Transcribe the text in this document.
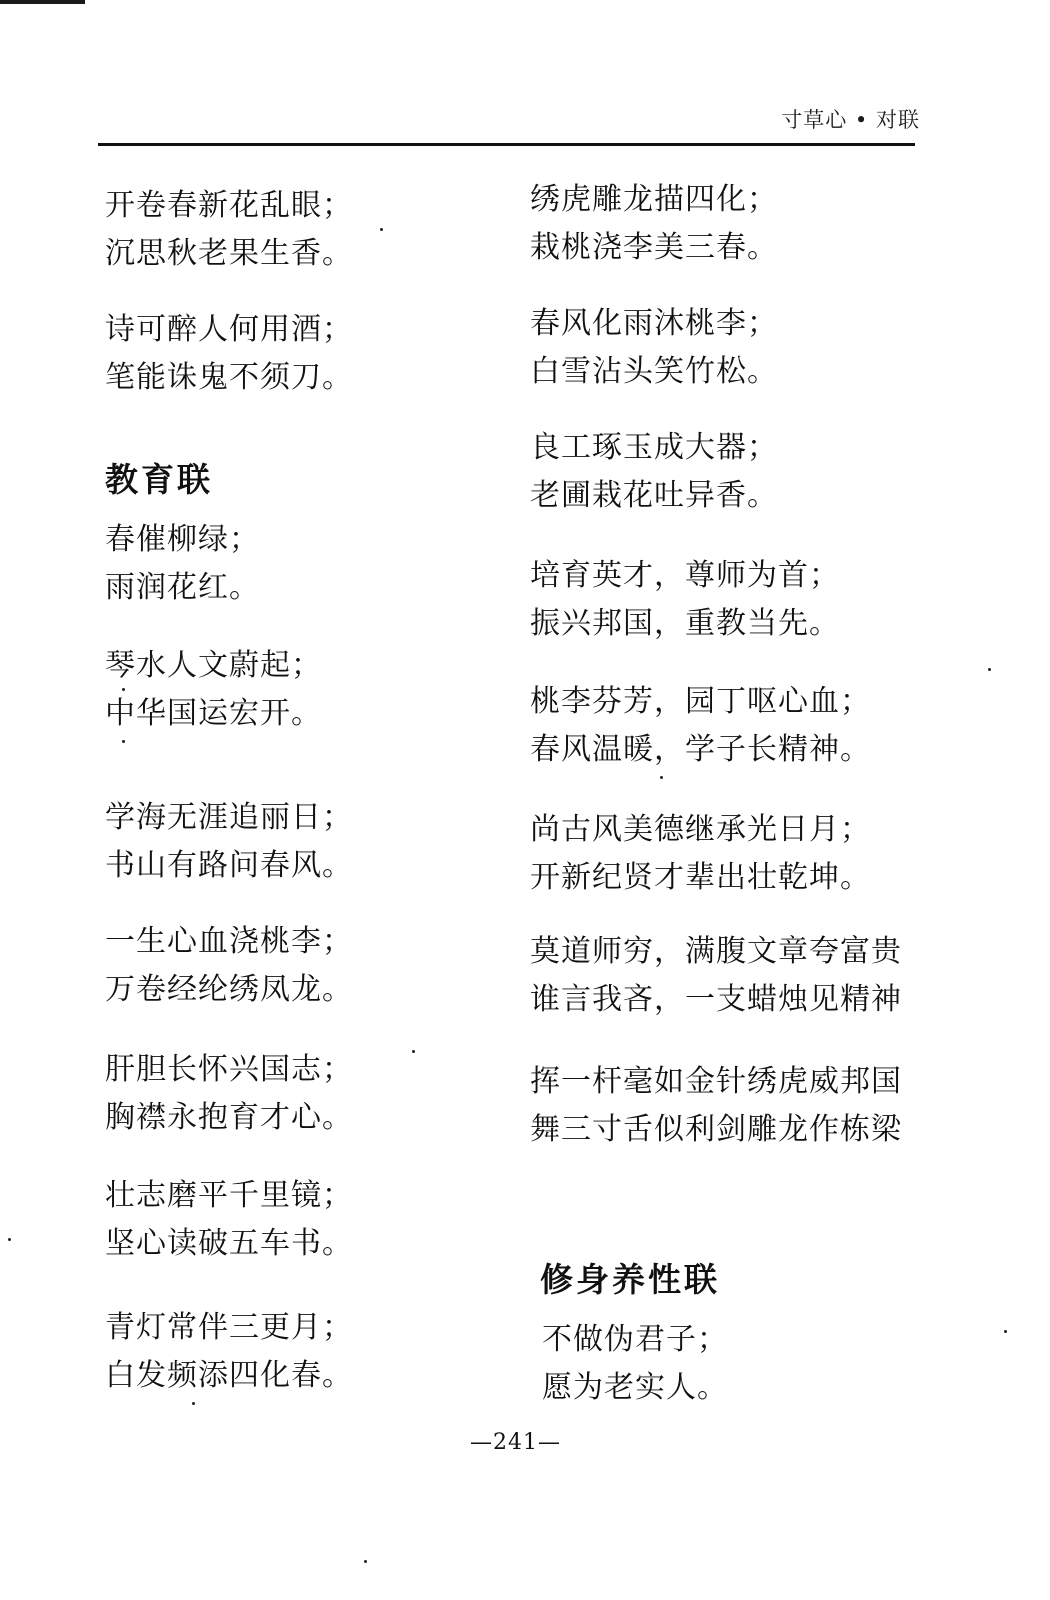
寸草心 • 对联
开卷春新花乱眼；
沉思秋老果生香。
诗可醉人何用酒；
笔能诛鬼不须刀。
教育联
春催柳绿；
雨润花红。
琴水人文蔚起；
中华国运宏开。
学海无涯追丽日；
书山有路问春风。
一生心血浇桃李；
万卷经纶绣凤龙。
肝胆长怀兴国志；
胸襟永抱育才心。
壮志磨平千里镜；
坚心读破五车书。
青灯常伴三更月；
白发频添四化春。
绣虎雕龙描四化；
栽桃浇李美三春。
春风化雨沐桃李；
白雪沾头笑竹松。
良工琢玉成大器；
老圃栽花吐异香。
培育英才，尊师为首；
振兴邦国，重教当先。
桃李芬芳，园丁呕心血；
春风温暖，学子长精神。
尚古风美德继承光日月；
开新纪贤才辈出壮乾坤。
莫道师穷，满腹文章夸富贵
谁言我吝，一支蜡烛见精神
挥一杆毫如金针绣虎威邦国
舞三寸舌似利剑雕龙作栋梁
修身养性联
不做伪君子；
愿为老实人。
—241—
